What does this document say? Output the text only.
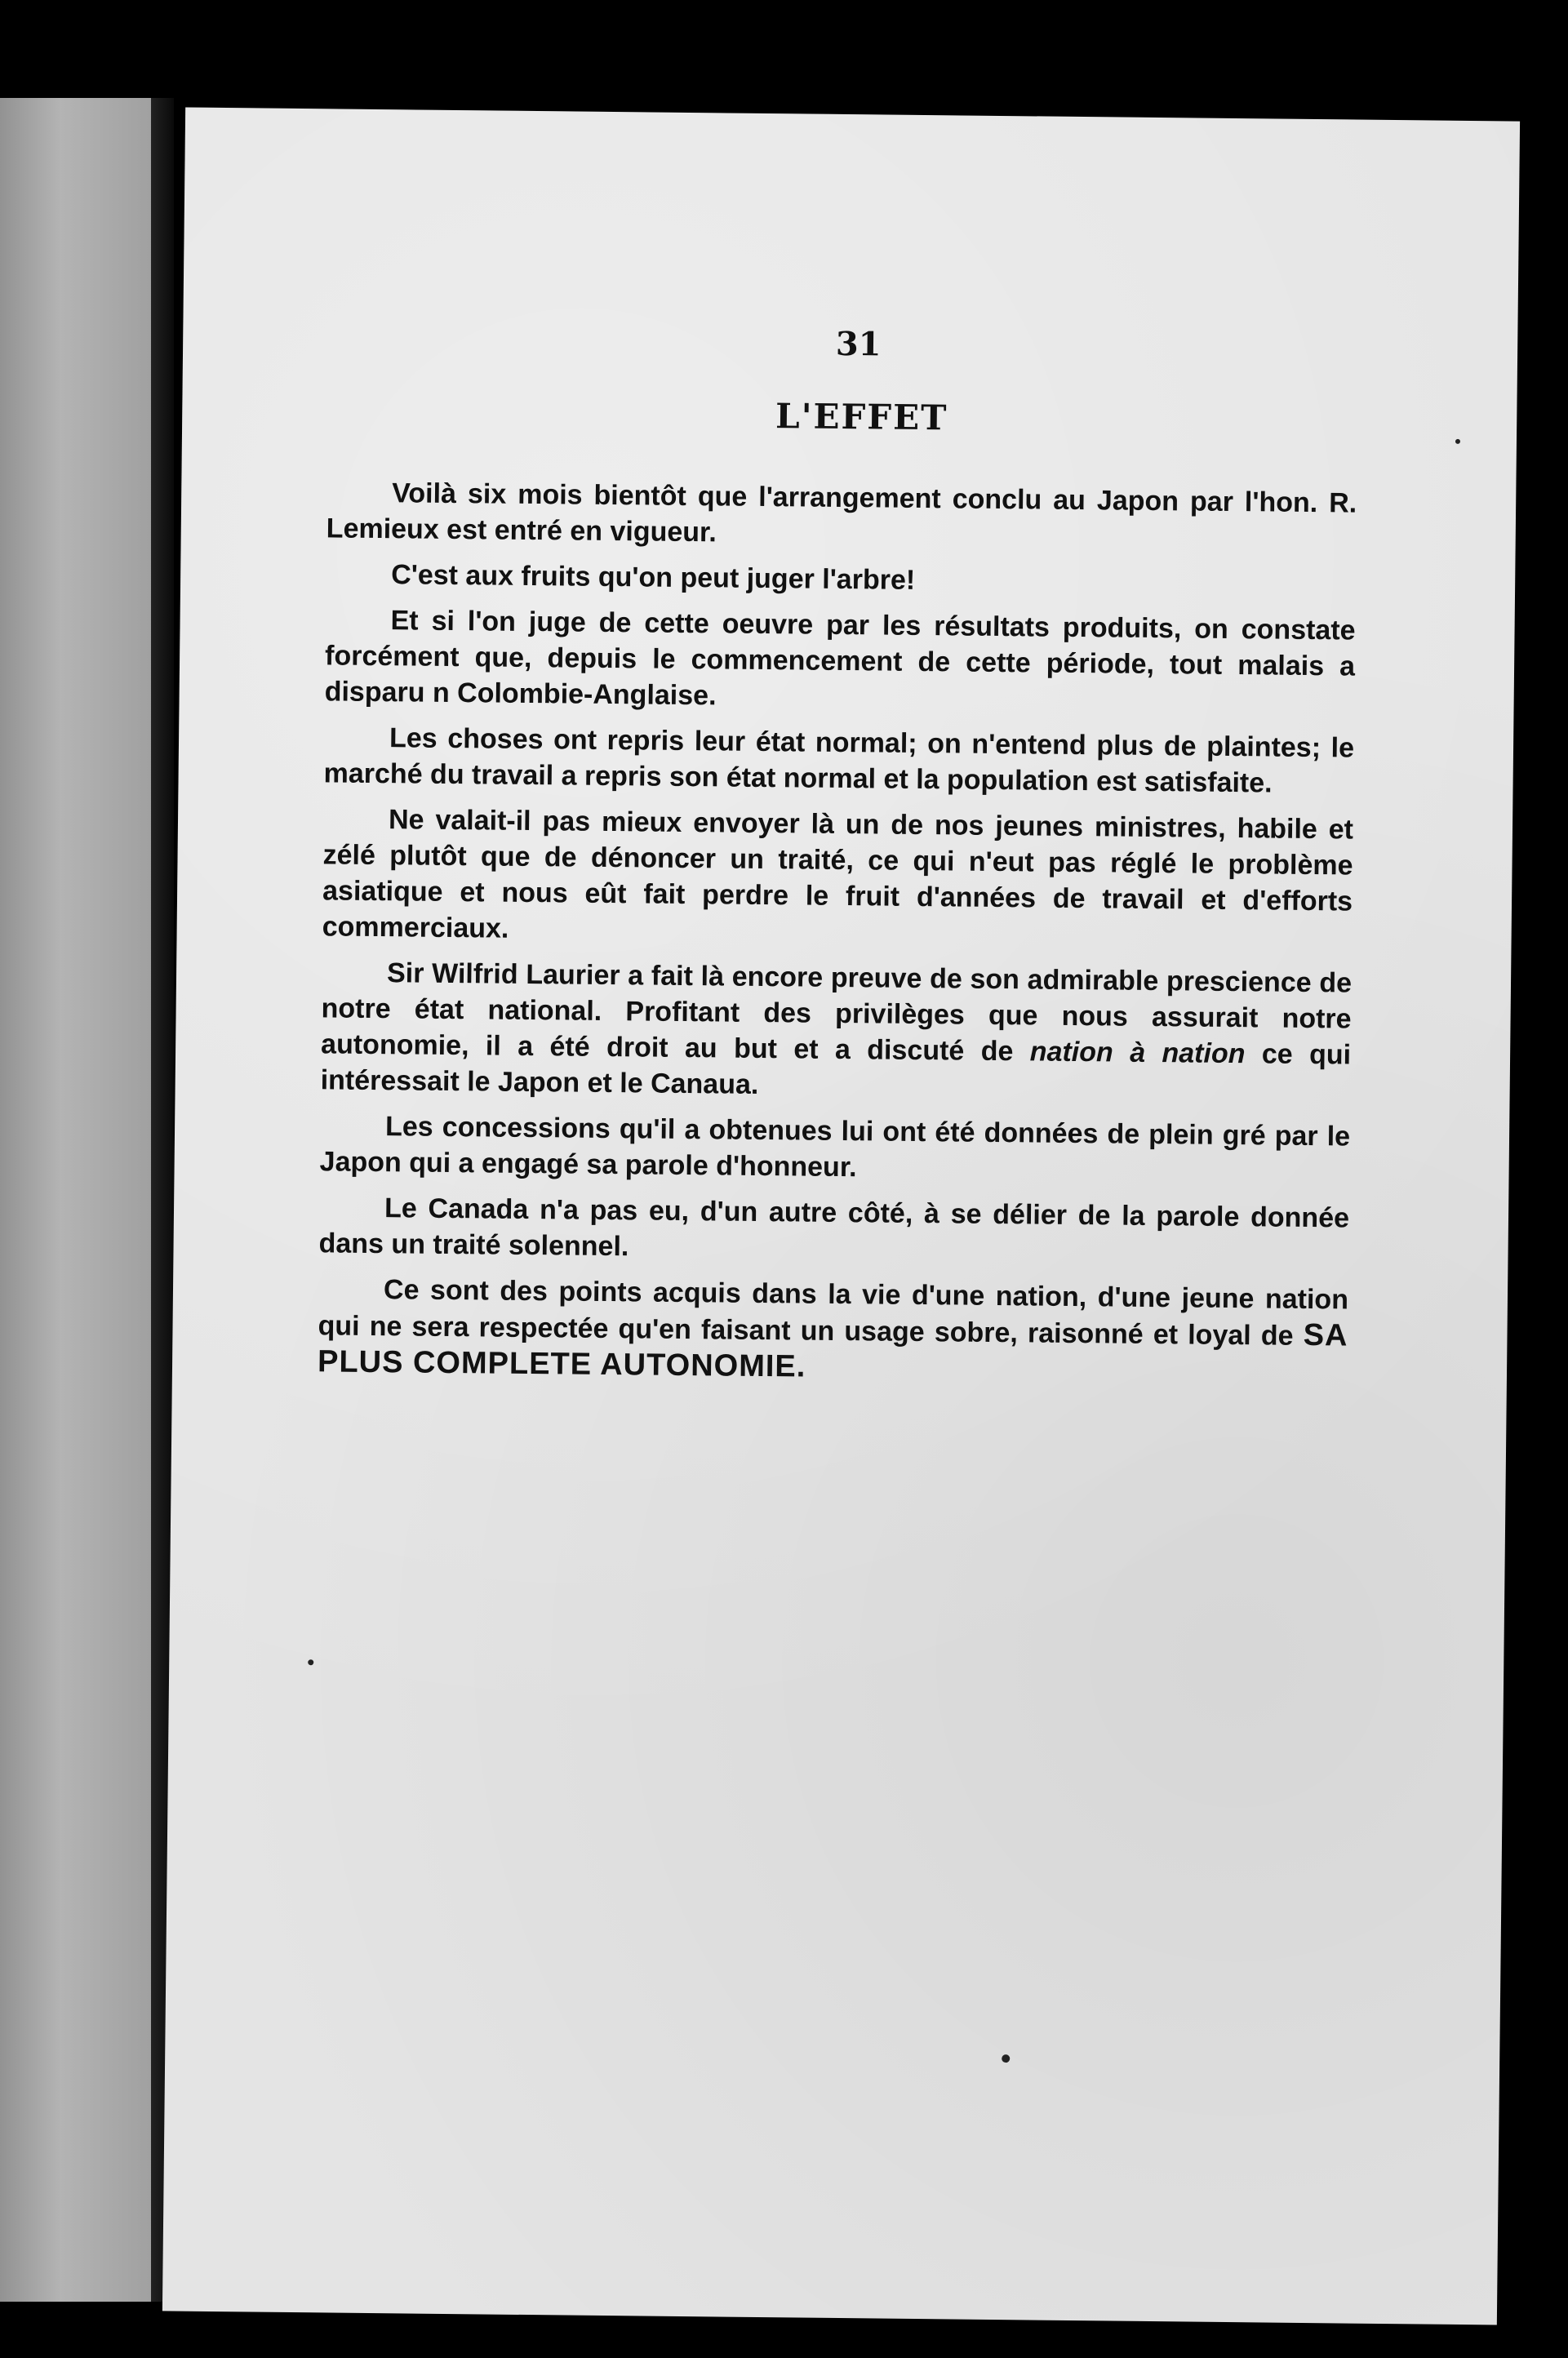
31
L'EFFET

Voilà six mois bientôt que l'arrangement conclu au Japon par l'hon. R. Lemieux est entré en vigueur.

C'est aux fruits qu'on peut juger l'arbre!

Et si l'on juge de cette oeuvre par les résultats produits, on constate forcément que, depuis le commencement de cette période, tout malais a disparu n Colombie-Anglaise.

Les choses ont repris leur état normal; on n'entend plus de plaintes; le marché du travail a repris son état normal et la population est satisfaite.

Ne valait-il pas mieux envoyer là un de nos jeunes ministres, habile et zélé plutôt que de dénoncer un traité, ce qui n'eut pas réglé le problème asiatique et nous eût fait perdre le fruit d'années de travail et d'efforts commerciaux.

Sir Wilfrid Laurier a fait là encore preuve de son admirable prescience de notre état national. Profitant des privilèges que nous assurait notre autonomie, il a été droit au but et a discuté de nation à nation ce qui intéressait le Japon et le Canaua.

Les concessions qu'il a obtenues lui ont été données de plein gré par le Japon qui a engagé sa parole d'honneur.

Le Canada n'a pas eu, d'un autre côté, à se délier de la parole donnée dans un traité solennel.

Ce sont des points acquis dans la vie d'une nation, d'une jeune nation qui ne sera respectée qu'en faisant un usage sobre, raisonné et loyal de SA PLUS COMPLETE AUTONOMIE.
